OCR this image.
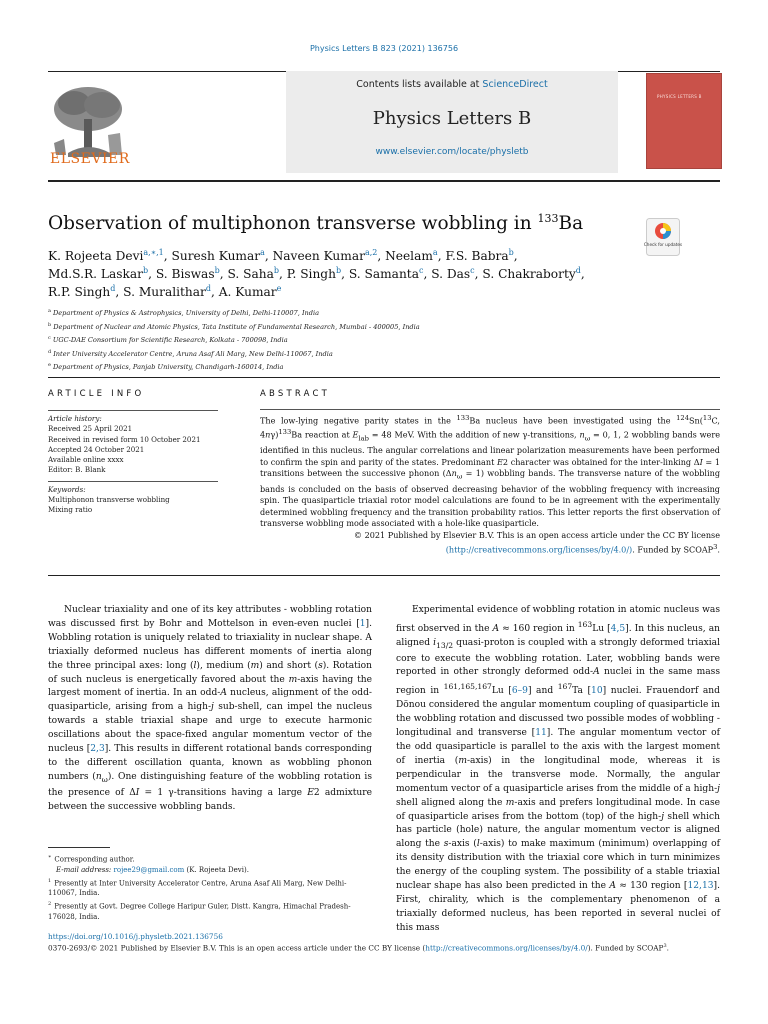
Physics Letters B 823 (2021) 136756
ELSEVIER
Contents lists available at ScienceDirect
Physics Letters B
www.elsevier.com/locate/physletb
PHYSICS LETTERS B
Observation of multiphonon transverse wobbling in $^{133}$Ba
Check for updates
K. Rojeeta Devi$^{a,∗,1}$, Suresh Kumar$^a$, Naveen Kumar$^{a,2}$, Neelam$^a$, F.S. Babra$^b$,
Md.S.R. Laskar$^b$, S. Biswas$^b$, S. Saha$^b$, P. Singh$^b$, S. Samanta$^c$, S. Das$^c$, S. Chakraborty$^d$,
R.P. Singh$^d$, S. Muralithar$^d$, A. Kumar$^e$
$^a$ Department of Physics & Astrophysics, University of Delhi, Delhi-110007, India
$^b$ Department of Nuclear and Atomic Physics, Tata Institute of Fundamental Research, Mumbai - 400005, India
$^c$ UGC-DAE Consortium for Scientific Research, Kolkata - 700098, India
$^d$ Inter University Accelerator Centre, Aruna Asaf Ali Marg, New Delhi-110067, India
$^e$ Department of Physics, Panjab University, Chandigarh-160014, India
ARTICLE INFO	ABSTRACT
Article history:
Received 25 April 2021
Received in revised form 10 October 2021
Accepted 24 October 2021
Available online xxxx
Editor: B. Blank
Keywords:
Multiphonon transverse wobbling
Mixing ratio
The low-lying negative parity states in the $^{133}$Ba nucleus have been investigated using the $^{124}$Sn($^{13}$C, 4nγ)$^{133}$Ba reaction at $E_{lab} = 48$ MeV. With the addition of new γ-transitions, $n_\omega = 0$, 1, 2 wobbling bands were identified in this nucleus. The angular correlations and linear polarization measurements have been performed to confirm the spin and parity of the states. Predominant E2 character was obtained for the inter-linking ΔI = 1 transitions between the successive phonon $(\Delta n_\omega = 1)$ wobbling bands. The transverse nature of the wobbling bands is concluded on the basis of observed decreasing behavior of the wobbling frequency with increasing spin. The quasiparticle triaxial rotor model calculations are found to be in agreement with the experimentally determined wobbling frequency and the transition probability ratios. This letter reports the first observation of transverse wobbling mode associated with a hole-like quasiparticle.
© 2021 Published by Elsevier B.V. This is an open access article under the CC BY license
(http://creativecommons.org/licenses/by/4.0/). Funded by SCOAP$^3$.

Nuclear triaxiality and one of its key attributes - wobbling rotation was discussed first by Bohr and Mottelson in even-even nuclei [1]. Wobbling rotation is uniquely related to triaxiality in nuclear shape. A triaxially deformed nucleus has different moments of inertia along the three principal axes: long (l), medium (m) and short (s). Rotation of such nucleus is energetically favored about the m-axis having the largest moment of inertia. In an odd-A nucleus, alignment of the odd-quasiparticle, arising from a high-j sub-shell, can impel the nucleus towards a stable triaxial shape and urge to execute harmonic oscillations about the space-fixed angular momentum vector of the nucleus [2,3]. This results in different rotational bands corresponding to the different oscillation quanta, known as wobbling phonon numbers $(n_\omega)$. One distinguishing feature of the wobbling rotation is the presence of ΔI = 1 γ-transitions having a large E2 admixture between the successive wobbling bands.

Experimental evidence of wobbling rotation in atomic nucleus was first observed in the A ≈ 160 region in $^{163}$Lu [4,5]. In this nucleus, an aligned $i_{13/2}$ quasi-proton is coupled with a strongly deformed triaxial core to execute the wobbling rotation. Later, wobbling bands were reported in other strongly deformed odd-A nuclei in the same mass region in $^{161,165,167}$Lu [6–9] and $^{167}$Ta [10] nuclei. Frauendorf and Dönou considered the angular momentum coupling of quasiparticle in the wobbling rotation and discussed two possible modes of wobbling - longitudinal and transverse [11]. The angular momentum vector of the odd quasiparticle is parallel to the axis with the largest moment of inertia (m-axis) in the longitudinal mode, whereas it is perpendicular in the transverse mode. Normally, the angular momentum vector of a quasiparticle arises from the middle of a high-j shell aligned along the m-axis and prefers longitudinal mode. In case of quasiparticle arises from the bottom (top) of the high-j shell which has particle (hole) nature, the angular momentum vector is aligned along the s-axis (l-axis) to make maximum (minimum) overlapping of its density distribution with the triaxial core which in turn minimizes the energy of the coupling system. The possibility of a stable triaxial nuclear shape has also been predicted in the A ≈ 130 region [12,13]. First, chirality, which is the complementary phenomenon of a triaxially deformed nucleus, has been reported in several nuclei of this mass

∗ Corresponding author.
E-mail address: rojee29@gmail.com (K. Rojeeta Devi).
$^1$ Presently at Inter University Accelerator Centre, Aruna Asaf Ali Marg, New Delhi-110067, India.
$^2$ Presently at Govt. Degree College Haripur Guler, Distt. Kangra, Himachal Pradesh-176028, India.
https://doi.org/10.1016/j.physletb.2021.136756
0370-2693/© 2021 Published by Elsevier B.V. This is an open access article under the CC BY license (http://creativecommons.org/licenses/by/4.0/). Funded by SCOAP$^3$.
